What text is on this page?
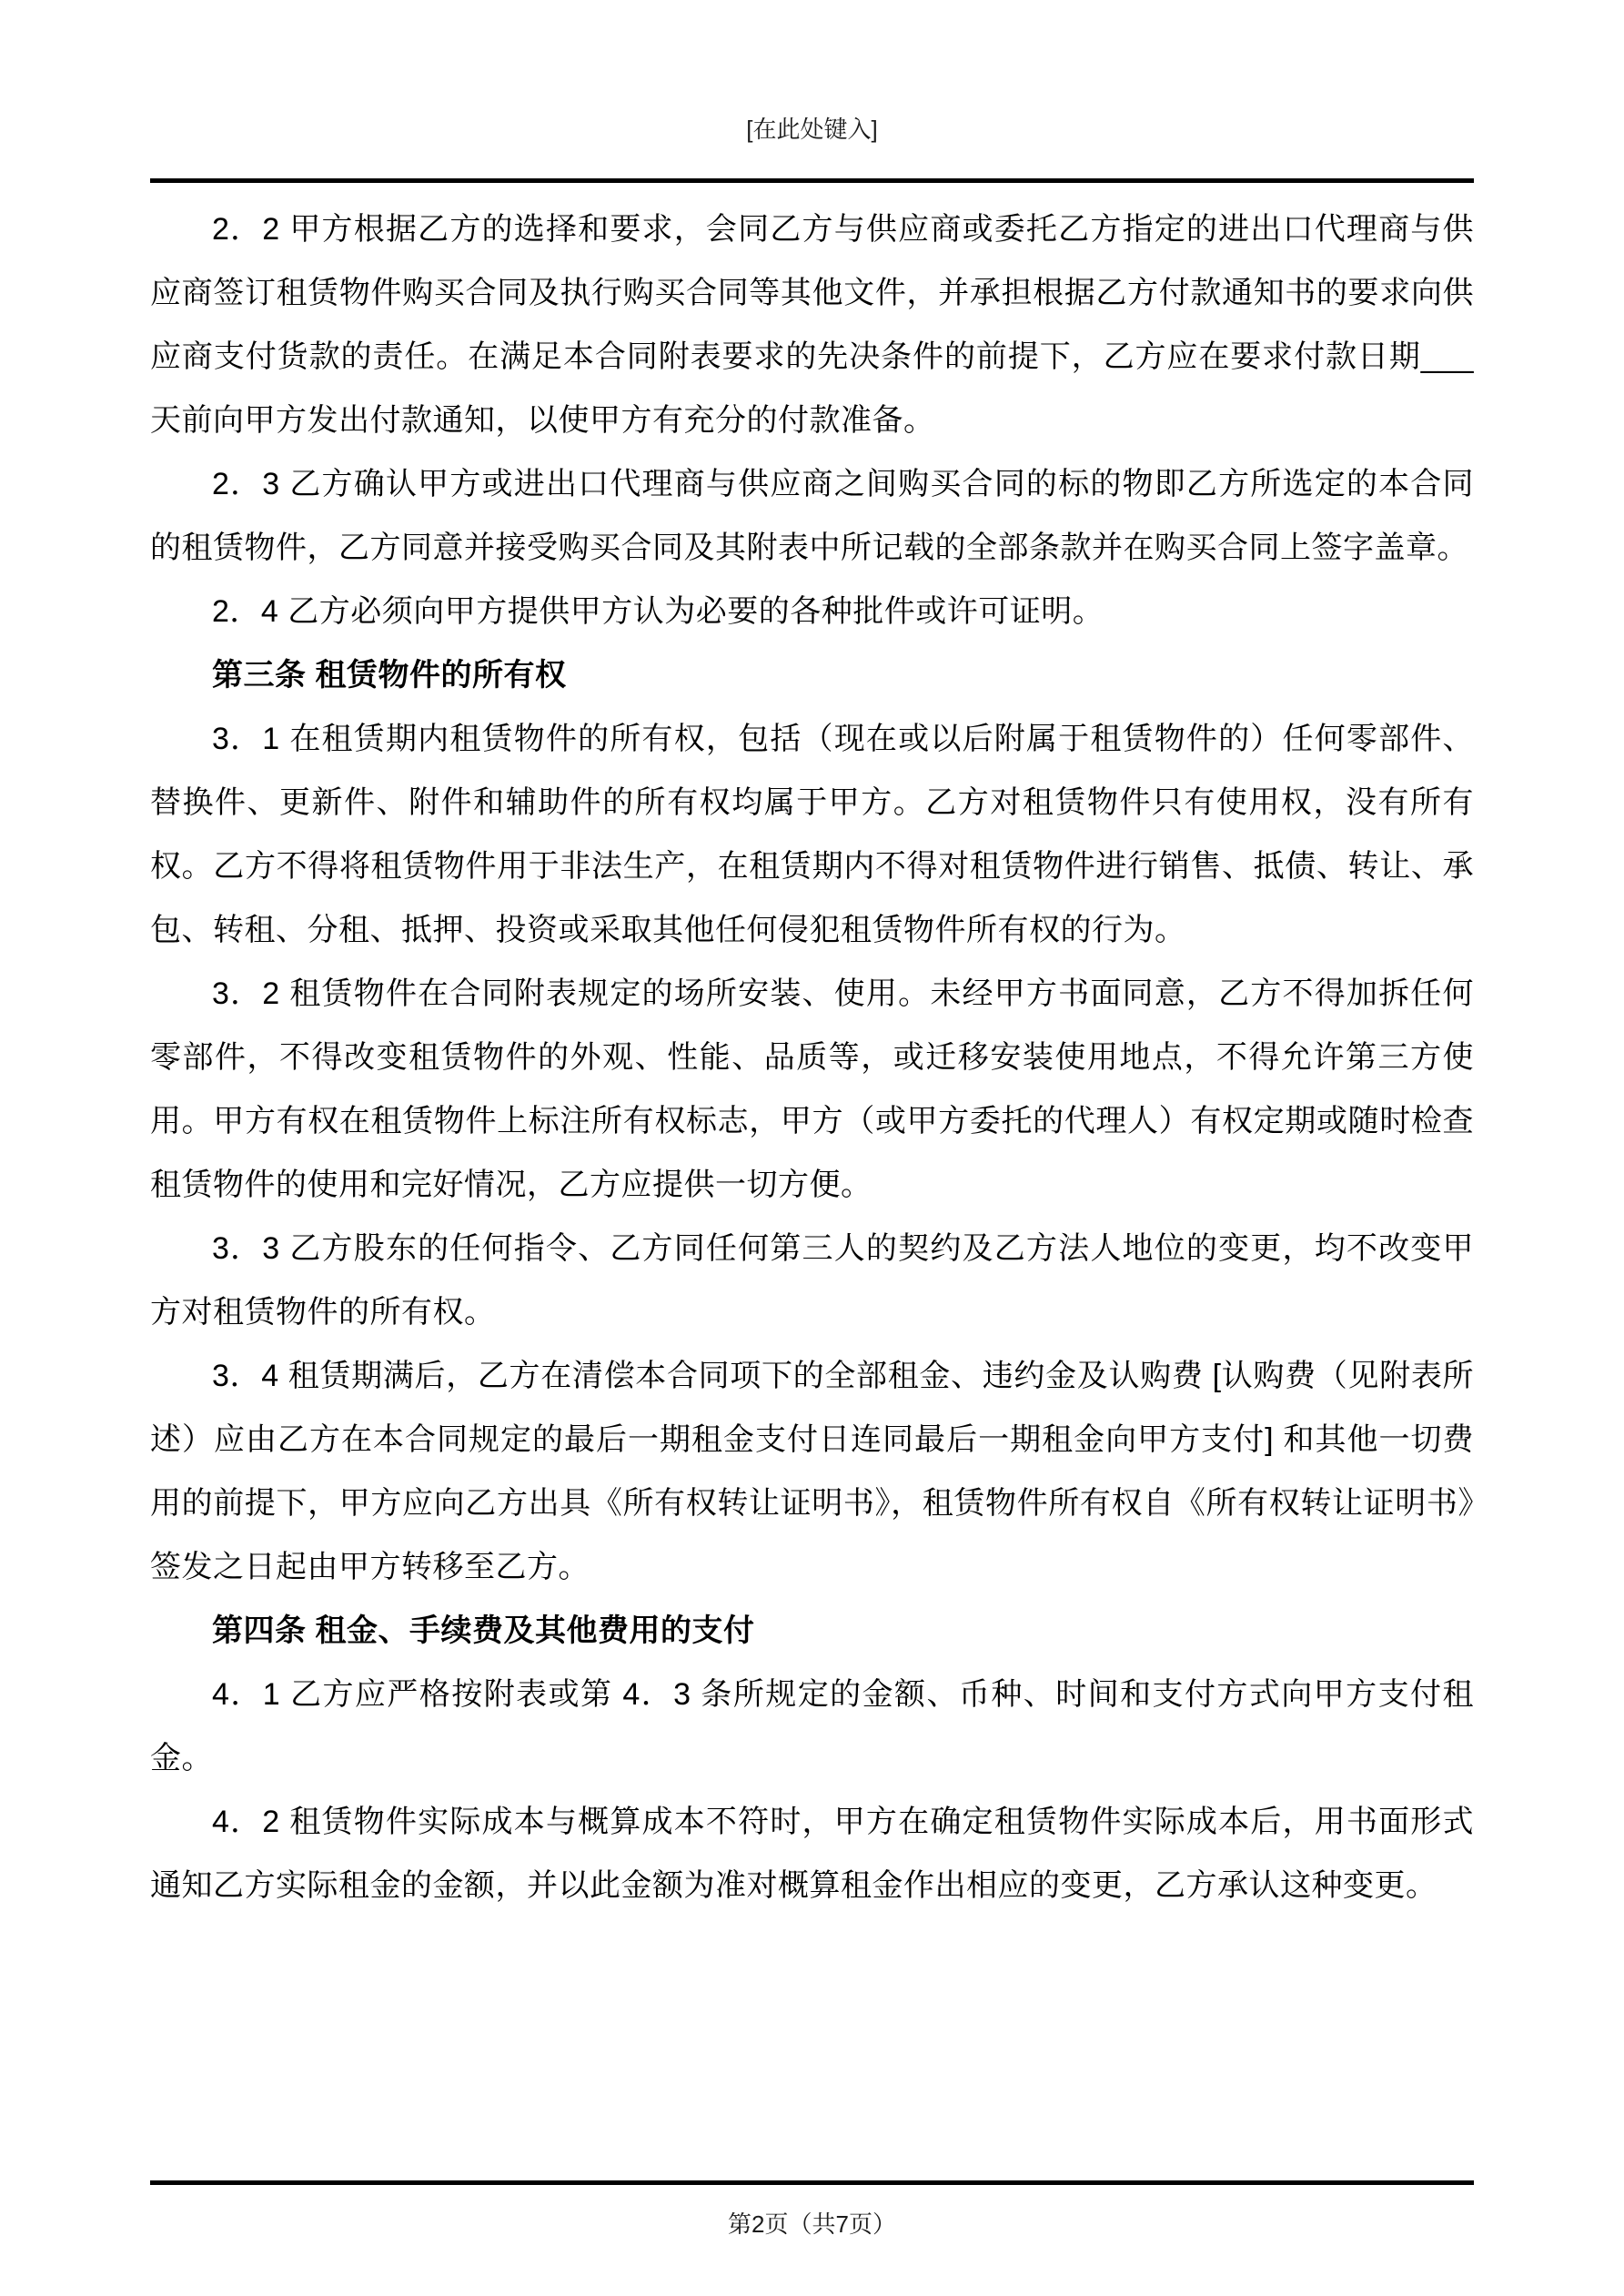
[在此处键入]

2．2 甲方根据乙方的选择和要求，会同乙方与供应商或委托乙方指定的进出口代理商与供应商签订租赁物件购买合同及执行购买合同等其他文件，并承担根据乙方付款通知书的要求向供应商支付货款的责任。在满足本合同附表要求的先决条件的前提下，乙方应在要求付款日期___天前向甲方发出付款通知，以使甲方有充分的付款准备。

2．3 乙方确认甲方或进出口代理商与供应商之间购买合同的标的物即乙方所选定的本合同的租赁物件，乙方同意并接受购买合同及其附表中所记载的全部条款并在购买合同上签字盖章。

2．4 乙方必须向甲方提供甲方认为必要的各种批件或许可证明。

第三条 租赁物件的所有权

3．1 在租赁期内租赁物件的所有权，包括（现在或以后附属于租赁物件的）任何零部件、替换件、更新件、附件和辅助件的所有权均属于甲方。乙方对租赁物件只有使用权，没有所有权。乙方不得将租赁物件用于非法生产，在租赁期内不得对租赁物件进行销售、抵债、转让、承包、转租、分租、抵押、投资或采取其他任何侵犯租赁物件所有权的行为。

3．2 租赁物件在合同附表规定的场所安装、使用。未经甲方书面同意，乙方不得加拆任何零部件，不得改变租赁物件的外观、性能、品质等，或迁移安装使用地点，不得允许第三方使用。甲方有权在租赁物件上标注所有权标志，甲方（或甲方委托的代理人）有权定期或随时检查租赁物件的使用和完好情况，乙方应提供一切方便。

3．3 乙方股东的任何指令、乙方同任何第三人的契约及乙方法人地位的变更，均不改变甲方对租赁物件的所有权。

3．4 租赁期满后，乙方在清偿本合同项下的全部租金、违约金及认购费 [认购费（见附表所述）应由乙方在本合同规定的最后一期租金支付日连同最后一期租金向甲方支付] 和其他一切费用的前提下，甲方应向乙方出具《所有权转让证明书》，租赁物件所有权自《所有权转让证明书》签发之日起由甲方转移至乙方。

第四条 租金、手续费及其他费用的支付

4．1 乙方应严格按附表或第 4．3 条所规定的金额、币种、时间和支付方式向甲方支付租金。

4．2 租赁物件实际成本与概算成本不符时，甲方在确定租赁物件实际成本后，用书面形式通知乙方实际租金的金额，并以此金额为准对概算租金作出相应的变更，乙方承认这种变更。

第2页（共7页）
